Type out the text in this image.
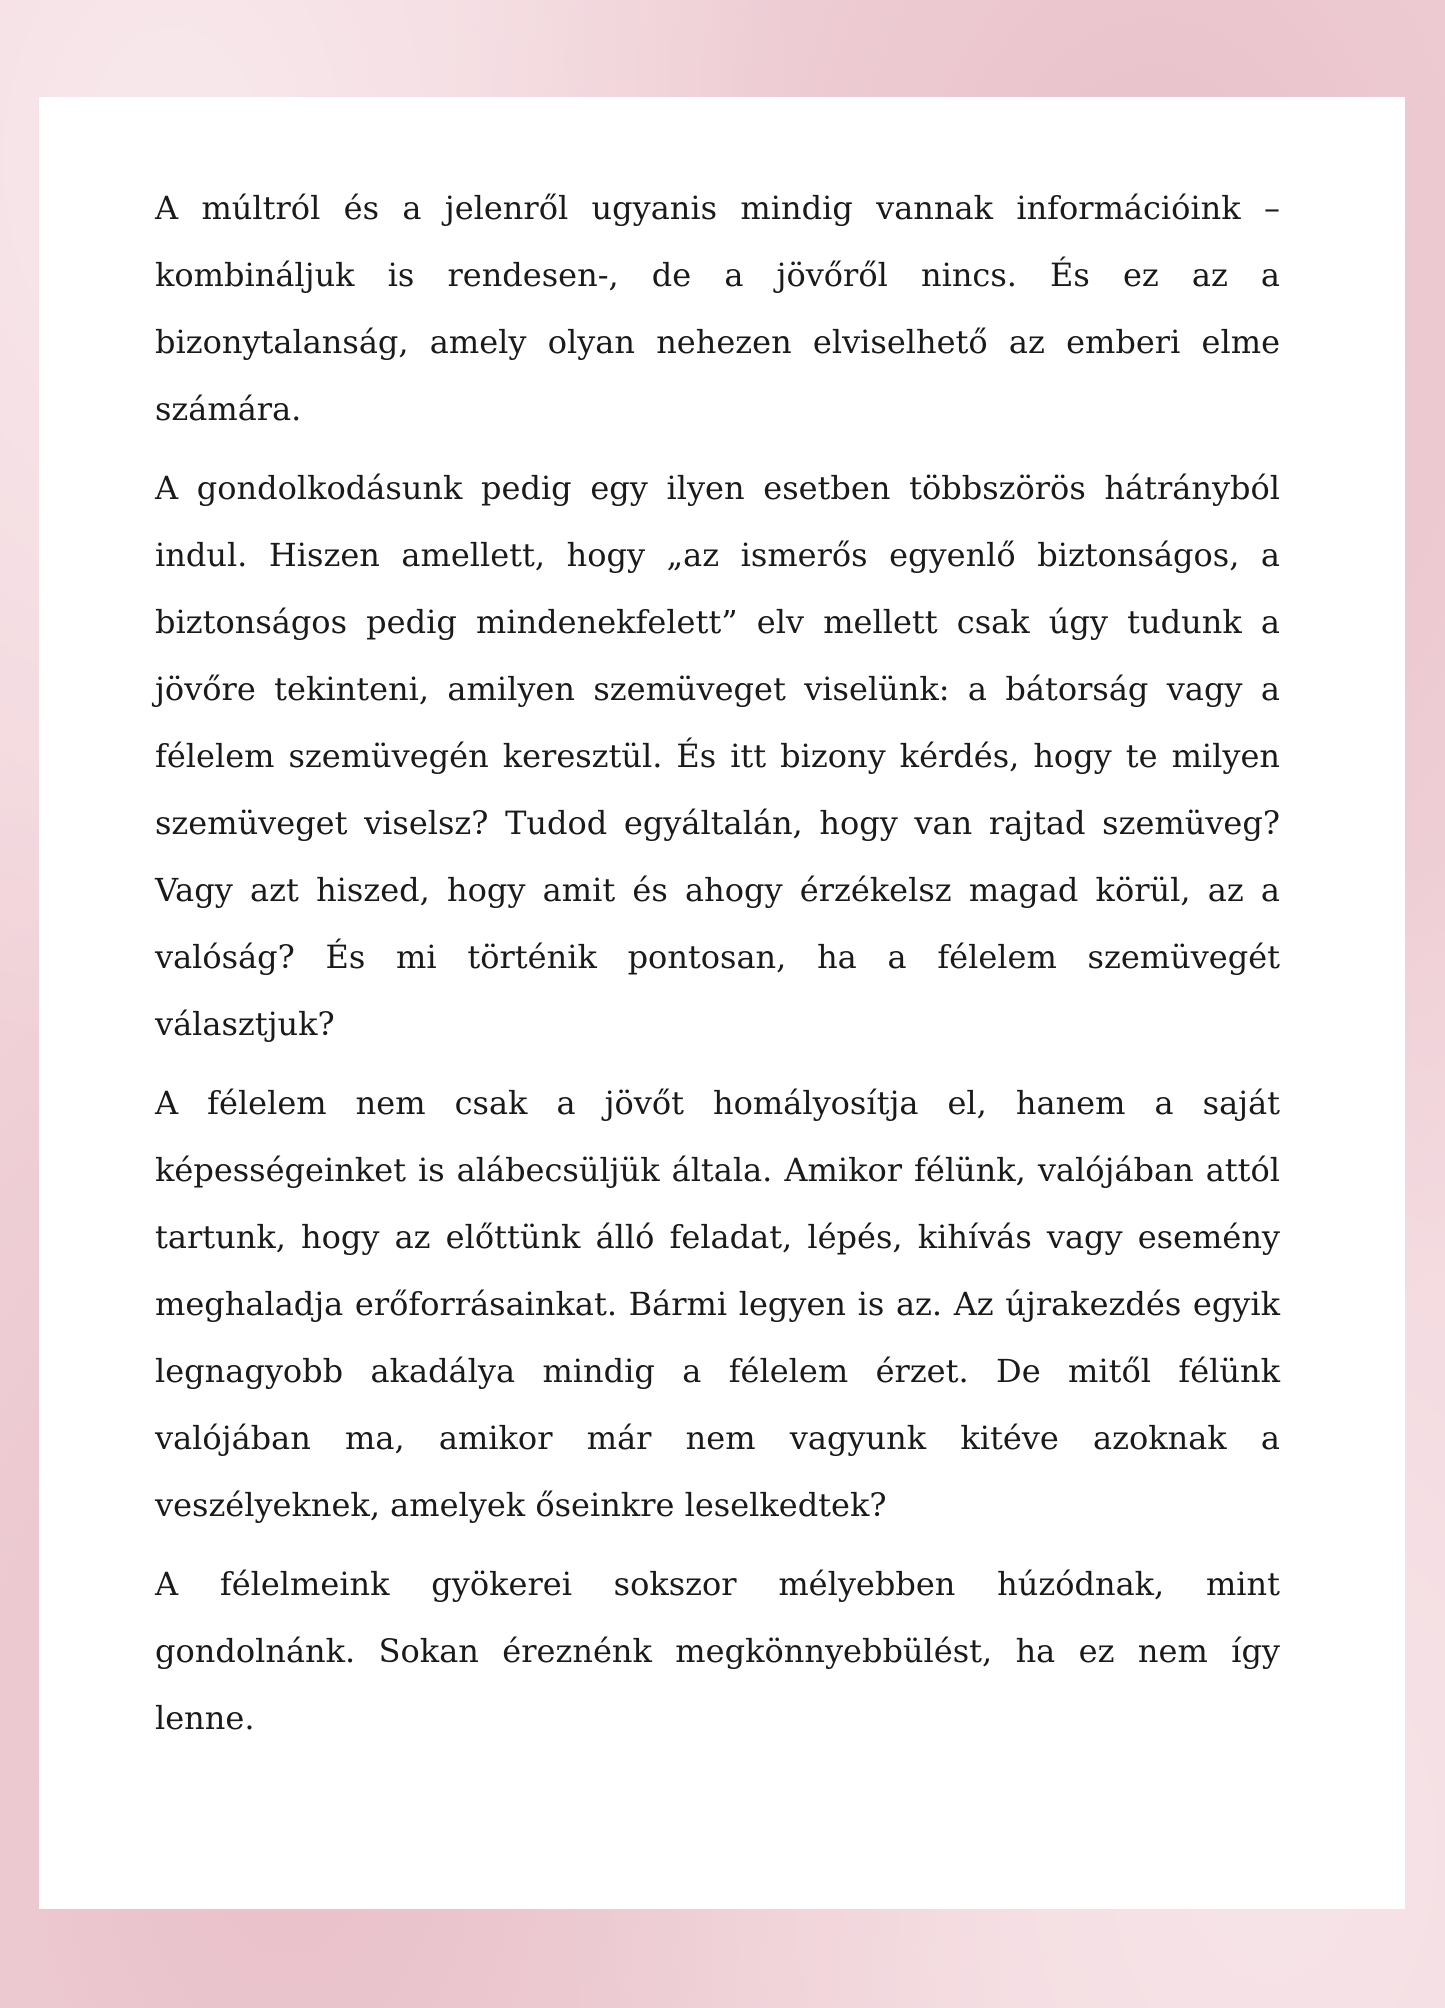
A múltról és a jelenről ugyanis mindig vannak információink – kombináljuk is rendesen-, de a jövőről nincs. És ez az a bizonytalanság, amely olyan nehezen elviselhető az emberi elme számára.

A gondolkodásunk pedig egy ilyen esetben többszörös hátrányból indul. Hiszen amellett, hogy „az ismerős egyenlő biztonságos, a biztonságos pedig mindenekfelett” elv mellett csak úgy tudunk a jövőre tekinteni, amilyen szemüveget viselünk: a bátorság vagy a félelem szemüvegén keresztül. És itt bizony kérdés, hogy te milyen szemüveget viselsz? Tudod egyáltalán, hogy van rajtad szemüveg? Vagy azt hiszed, hogy amit és ahogy érzékelsz magad körül, az a valóság? És mi történik pontosan, ha a félelem szemüvegét választjuk?

A félelem nem csak a jövőt homályosítja el, hanem a saját képességeinket is alábecsüljük általa. Amikor félünk, valójában attól tartunk, hogy az előttünk álló feladat, lépés, kihívás vagy esemény meghaladja erőforrásainkat. Bármi legyen is az. Az újrakezdés egyik legnagyobb akadálya mindig a félelem érzet. De mitől félünk valójában ma, amikor már nem vagyunk kitéve azoknak a veszélyeknek, amelyek őseinkre leselkedtek?

A félelmeink gyökerei sokszor mélyebben húzódnak, mint gondolnánk. Sokan éreznénk megkönnyebbülést, ha ez nem így lenne.
